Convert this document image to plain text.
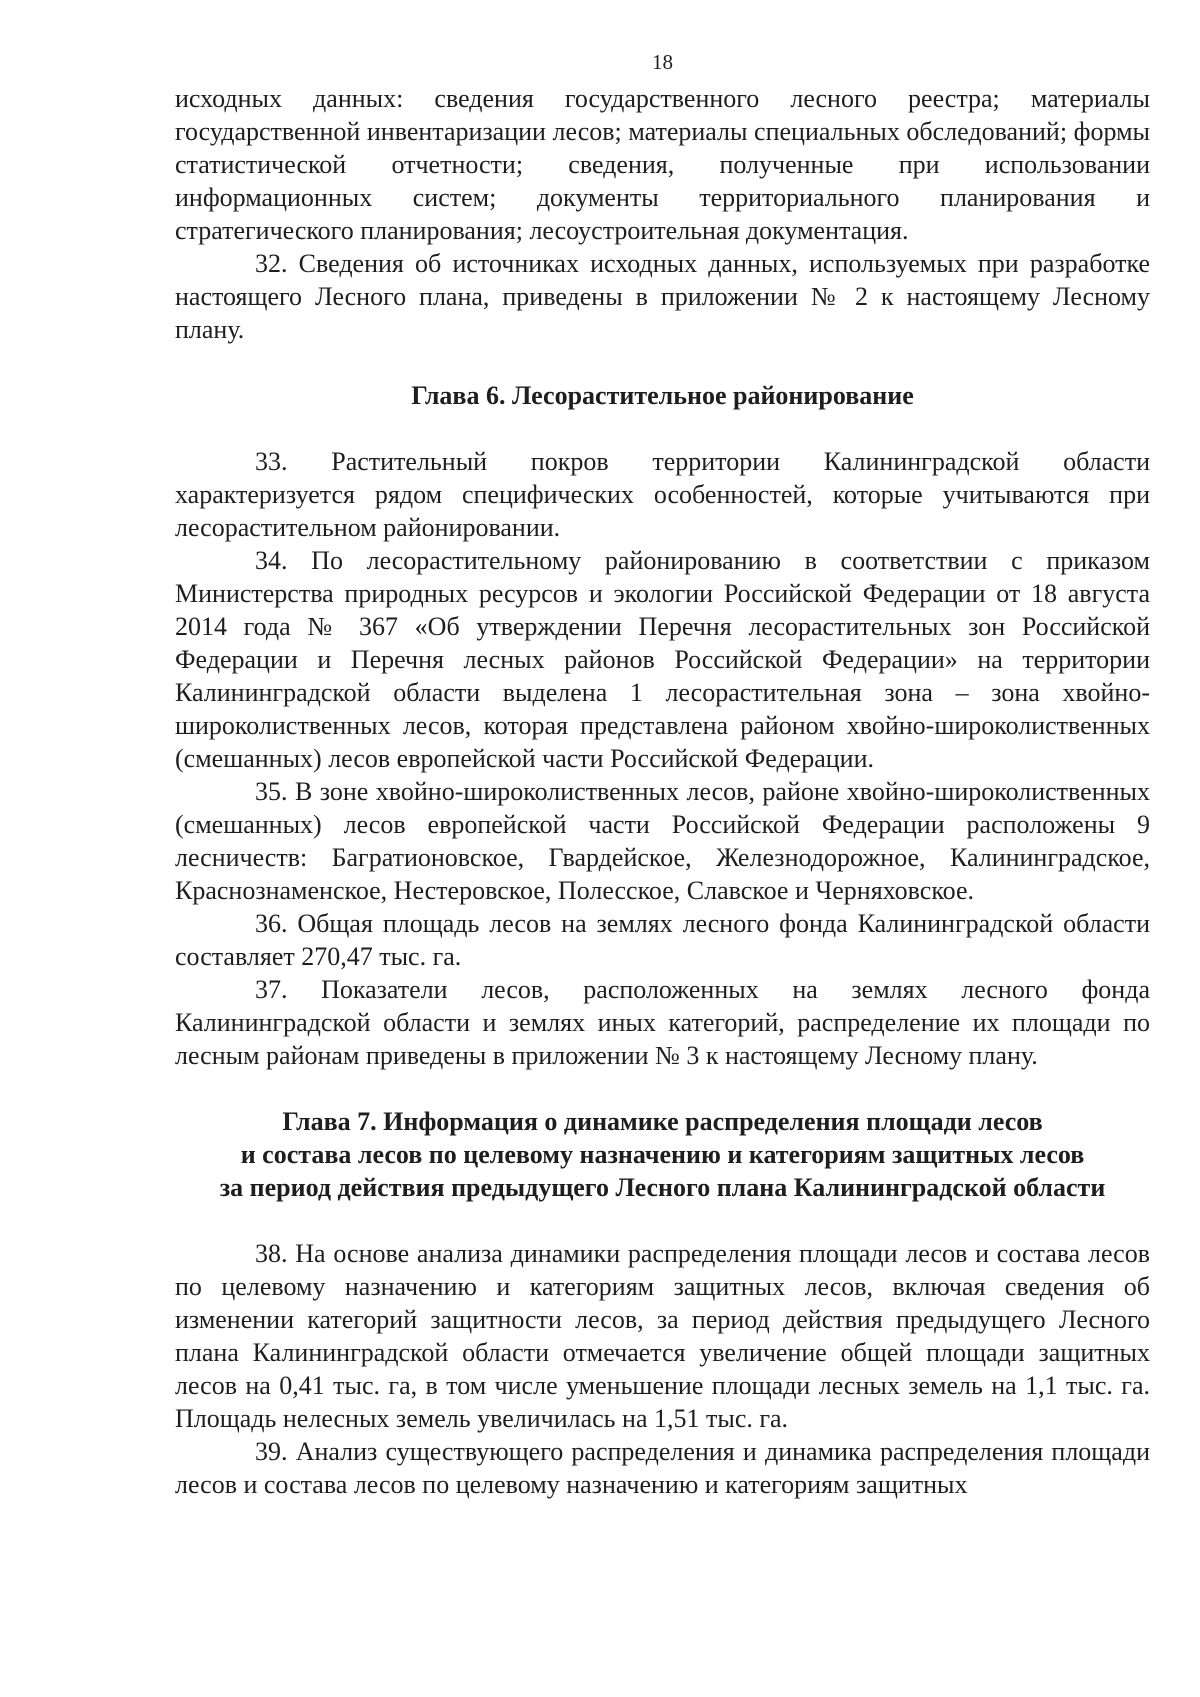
18

исходных данных: сведения государственного лесного реестра; материалы государственной инвентаризации лесов; материалы специальных обследований; формы статистической отчетности; сведения, полученные при использовании информационных систем; документы территориального планирования и стратегического планирования; лесоустроительная документация.

32. Сведения об источниках исходных данных, используемых при разработке настоящего Лесного плана, приведены в приложении № 2 к настоящему Лесному плану.

Глава 6. Лесорастительное районирование

33. Растительный покров территории Калининградской области характеризуется рядом специфических особенностей, которые учитываются при лесорастительном районировании.

34. По лесорастительному районированию в соответствии с приказом Министерства природных ресурсов и экологии Российской Федерации от 18 августа 2014 года № 367 «Об утверждении Перечня лесорастительных зон Российской Федерации и Перечня лесных районов Российской Федерации» на территории Калининградской области выделена 1 лесорастительная зона – зона хвойно-широколиственных лесов, которая представлена районом хвойно-широколиственных (смешанных) лесов европейской части Российской Федерации.

35. В зоне хвойно-широколиственных лесов, районе хвойно-широколиственных (смешанных) лесов европейской части Российской Федерации расположены 9 лесничеств: Багратионовское, Гвардейское, Железнодорожное, Калининградское, Краснознаменское, Нестеровское, Полесское, Славское и Черняховское.

36. Общая площадь лесов на землях лесного фонда Калининградской области составляет 270,47 тыс. га.

37. Показатели лесов, расположенных на землях лесного фонда Калининградской области и землях иных категорий, распределение их площади по лесным районам приведены в приложении № 3 к настоящему Лесному плану.

Глава 7. Информация о динамике распределения площади лесов
и состава лесов по целевому назначению и категориям защитных лесов
за период действия предыдущего Лесного плана Калининградской области

38. На основе анализа динамики распределения площади лесов и состава лесов по целевому назначению и категориям защитных лесов, включая сведения об изменении категорий защитности лесов, за период действия предыдущего Лесного плана Калининградской области отмечается увеличение общей площади защитных лесов на 0,41 тыс. га, в том числе уменьшение площади лесных земель на 1,1 тыс. га. Площадь нелесных земель увеличилась на 1,51 тыс. га.

39. Анализ существующего распределения и динамика распределения площади лесов и состава лесов по целевому назначению и категориям защитных
